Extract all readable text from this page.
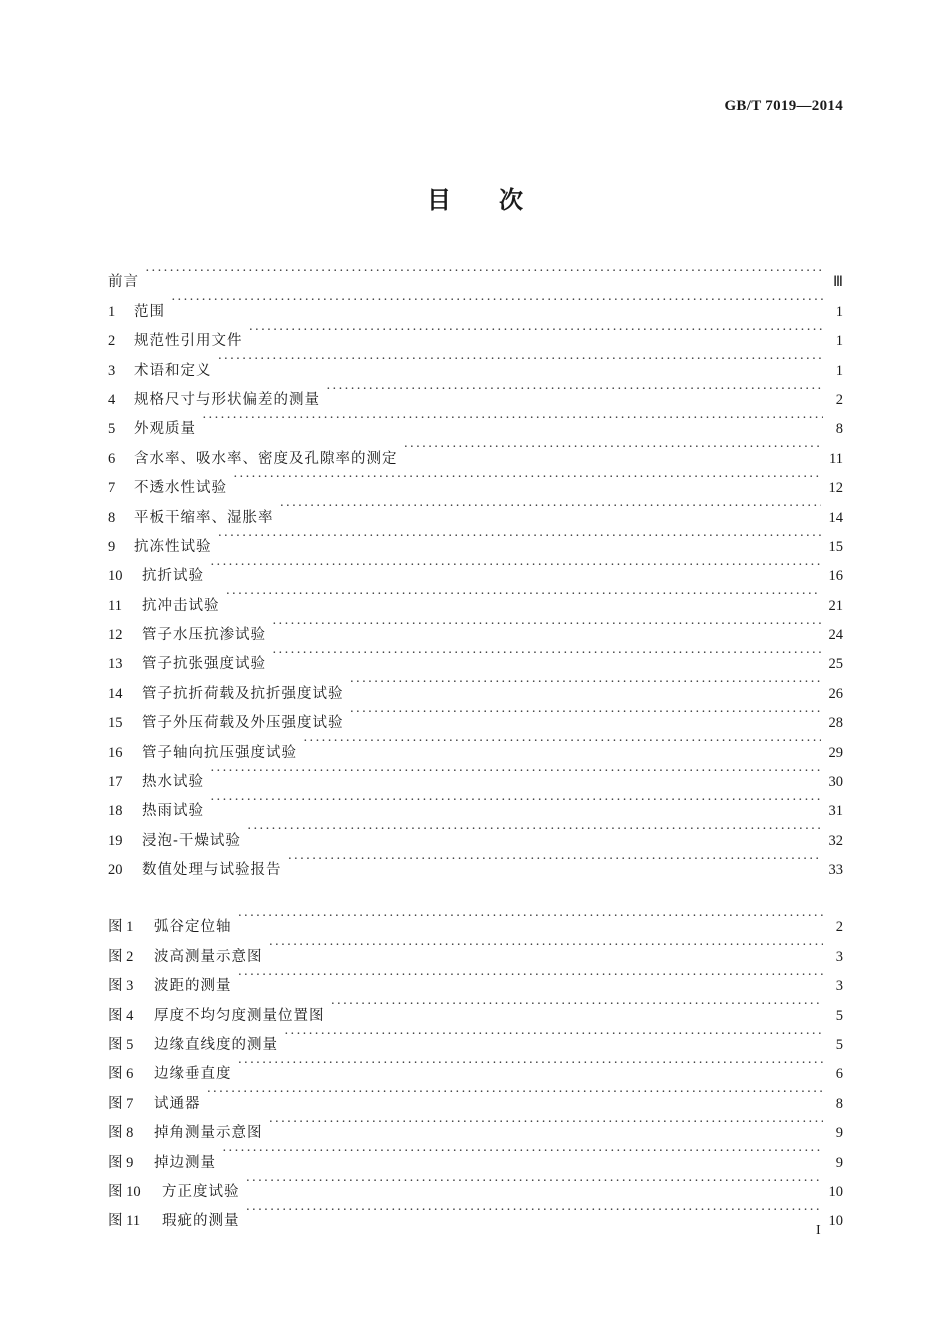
GB/T 7019—2014
目 次
前言 ·····	Ⅲ
1	范围 ·····	1
2	规范性引用文件 ·····	1
3	术语和定义 ·····	1
4	规格尺寸与形状偏差的测量 ·····	2
5	外观质量 ·····	8
6	含水率、吸水率、密度及孔隙率的测定 ·····	11
7	不透水性试验 ·····	12
8	平板干缩率、湿胀率 ·····	14
9	抗冻性试验 ·····	15
10	抗折试验 ·····	16
11	抗冲击试验 ·····	21
12	管子水压抗渗试验 ·····	24
13	管子抗张强度试验 ·····	25
14	管子抗折荷载及抗折强度试验 ·····	26
15	管子外压荷载及外压强度试验 ·····	28
16	管子轴向抗压强度试验 ·····	29
17	热水试验 ·····	30
18	热雨试验 ·····	31
19	浸泡-干燥试验 ·····	32
20	数值处理与试验报告 ·····	33
图 1	弧谷定位轴 ·····	2
图 2	波高测量示意图 ·····	3
图 3	波距的测量 ·····	3
图 4	厚度不均匀度测量位置图 ·····	5
图 5	边缘直线度的测量 ·····	5
图 6	边缘垂直度 ·····	6
图 7	试通器 ·····	8
图 8	掉角测量示意图 ·····	9
图 9	掉边测量 ·····	9
图 10	方正度试验 ·····	10
图 11	瑕疵的测量 ·····	10
I
